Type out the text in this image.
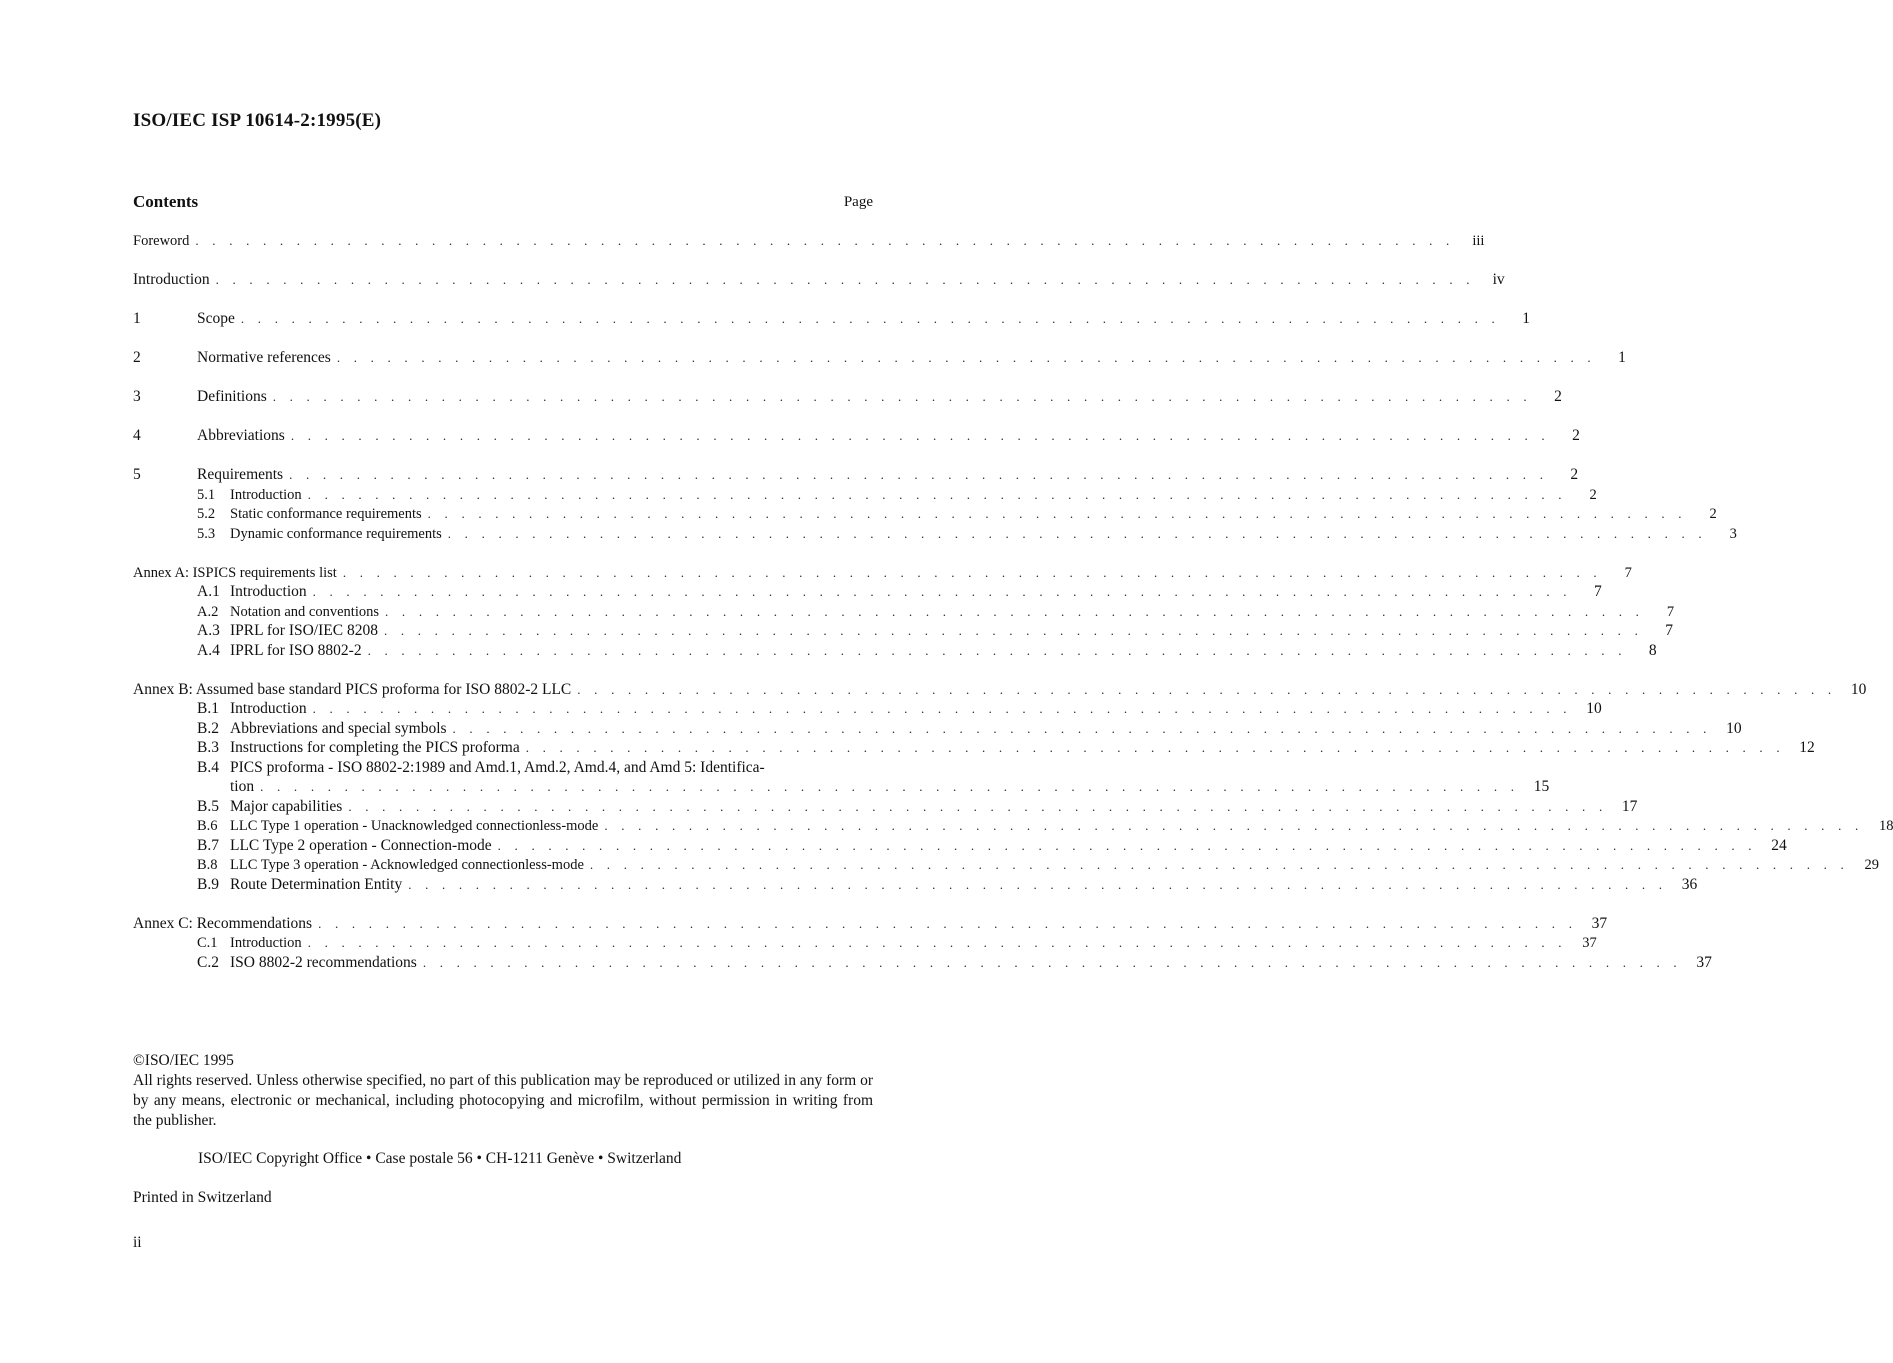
ISO/IEC ISP 10614-2:1995(E)
Contents	Page
Foreword . . . . . . . . . . . . . . . . . . . . . . . . . . . . . . . . . . . . . . . . . . . . . . . . . . . . . . . . . . . . . . . . . . . . . . . . . . .	iii
Introduction . . . . . . . . . . . . . . . . . . . . . . . . . . . . . . . . . . . . . . . . . . . . . . . . . . . . . . . . . . . . . . . . . . . . . . . . . . .	iv
1	Scope . . . . . . . . . . . . . . . . . . . . . . . . . . . . . . . . . . . . . . . . . . . . . . . . . . . . . . . . . . . . . . . . . . . . . . . . . . .	1
2	Normative references . . . . . . . . . . . . . . . . . . . . . . . . . . . . . . . . . . . . . . . . . . . . . . . . . . . . . . . . . . . . . . . . . . . . . . . . . . .	1
3	Definitions . . . . . . . . . . . . . . . . . . . . . . . . . . . . . . . . . . . . . . . . . . . . . . . . . . . . . . . . . . . . . . . . . . . . . . . . . . .	2
4	Abbreviations . . . . . . . . . . . . . . . . . . . . . . . . . . . . . . . . . . . . . . . . . . . . . . . . . . . . . . . . . . . . . . . . . . . . . . . . . . .	2
5	Requirements . . . . . . . . . . . . . . . . . . . . . . . . . . . . . . . . . . . . . . . . . . . . . . . . . . . . . . . . . . . . . . . . . . . . . . . . . . .	2
5.1 Introduction . . . . . . . . . . . . . . . . . . . . . . . . . . . . . . . . . . . . . . . . . . . . . . . . . . . . . . . . . . . . . . . . . . . . . . . . . . .	2
5.2 Static conformance requirements . . . . . . . . . . . . . . . . . . . . . . . . . . . . . . . . . . . . . . . . . . . . . . . . . . . . . . . . . . . . . . . . . . . . . . . . . . .	2
5.3 Dynamic conformance requirements . . . . . . . . . . . . . . . . . . . . . . . . . . . . . . . . . . . . . . . . . . . . . . . . . . . . . . . . . . . . . . . . . . . . . . . . . . .	3
Annex A: ISPICS requirements list . . . . . . . . . . . . . . . . . . . . . . . . . . . . . . . . . . . . . . . . . . . . . . . . . . . . . . . . . . . . . . . . . . . . . . . . . . .	7
A.1 Introduction . . . . . . . . . . . . . . . . . . . . . . . . . . . . . . . . . . . . . . . . . . . . . . . . . . . . . . . . . . . . . . . . . . . . . . . . . . .	7
A.2 Notation and conventions . . . . . . . . . . . . . . . . . . . . . . . . . . . . . . . . . . . . . . . . . . . . . . . . . . . . . . . . . . . . . . . . . . . . . . . . . . .	7
A.3 IPRL for ISO/IEC 8208 . . . . . . . . . . . . . . . . . . . . . . . . . . . . . . . . . . . . . . . . . . . . . . . . . . . . . . . . . . . . . . . . . . . . . . . . . . .	7
A.4 IPRL for ISO 8802-2 . . . . . . . . . . . . . . . . . . . . . . . . . . . . . . . . . . . . . . . . . . . . . . . . . . . . . . . . . . . . . . . . . . . . . . . . . . .	8
Annex B: Assumed base standard PICS proforma for ISO 8802-2 LLC . . . . . . . . . . . . . . . . . . . . . . . . . . . . . . . . . . . . . . . . . . . . . . . . . . . . . . . . . . . . . . . . . . . . . . . . . . . 10
B.1 Introduction . . . . . . . . . . . . . . . . . . . . . . . . . . . . . . . . . . . . . . . . . . . . . . . . . . . . . . . . . . . . . . . . . . . . . . . . . . . 10
B.2 Abbreviations and special symbols . . . . . . . . . . . . . . . . . . . . . . . . . . . . . . . . . . . . . . . . . . . . . . . . . . . . . . . . . . . . . . . . . . . . . . . . . . . 10
B.3 Instructions for completing the PICS proforma . . . . . . . . . . . . . . . . . . . . . . . . . . . . . . . . . . . . . . . . . . . . . . . . . . . . . . . . . . . . . . . . . . . . . . . . . . . 12
B.4 PICS proforma - ISO 8802-2:1989 and Amd.1, Amd.2, Amd.4, and Amd 5: Identifica-
tion . . . . . . . . . . . . . . . . . . . . . . . . . . . . . . . . . . . . . . . . . . . . . . . . . . . . . . . . . . . . . . . . . . . . . . . . . . . 15
B.5 Major capabilities . . . . . . . . . . . . . . . . . . . . . . . . . . . . . . . . . . . . . . . . . . . . . . . . . . . . . . . . . . . . . . . . . . . . . . . . . . . 17
B.6 LLC Type 1 operation - Unacknowledged connectionless-mode . . . . . . . . . . . . . . . . . . . . . . . . . . . . . . . . . . . . . . . . . . . . . . . . . . . . . . . . . . . . . . . . . . . . . . . . . . .	18
B.7 LLC Type 2 operation - Connection-mode . . . . . . . . . . . . . . . . . . . . . . . . . . . . . . . . . . . . . . . . . . . . . . . . . . . . . . . . . . . . . . . . . . . . . . . . . . . 24
B.8 LLC Type 3 operation - Acknowledged connectionless-mode . . . . . . . . . . . . . . . . . . . . . . . . . . . . . . . . . . . . . . . . . . . . . . . . . . . . . . . . . . . . . . . . . . . . . . . . . . .	29
B.9 Route Determination Entity . . . . . . . . . . . . . . . . . . . . . . . . . . . . . . . . . . . . . . . . . . . . . . . . . . . . . . . . . . . . . . . . . . . . . . . . . . . 36
Annex C: Recommendations . . . . . . . . . . . . . . . . . . . . . . . . . . . . . . . . . . . . . . . . . . . . . . . . . . . . . . . . . . . . . . . . . . . . . . . . . . . 37
C.1 Introduction . . . . . . . . . . . . . . . . . . . . . . . . . . . . . . . . . . . . . . . . . . . . . . . . . . . . . . . . . . . . . . . . . . . . . . . . . . .	37
C.2 ISO 8802-2 recommendations . . . . . . . . . . . . . . . . . . . . . . . . . . . . . . . . . . . . . . . . . . . . . . . . . . . . . . . . . . . . . . . . . . . . . . . . . . . 37
©ISO/IEC 1995
All rights reserved. Unless otherwise specified, no part of this publication may be reproduced or utilized in any form or by any means, electronic or mechanical, including photocopying and microfilm, without permission in writing from the publisher.
ISO/IEC Copyright Office • Case postale 56 • CH-1211 Genève • Switzerland
Printed in Switzerland
ii
